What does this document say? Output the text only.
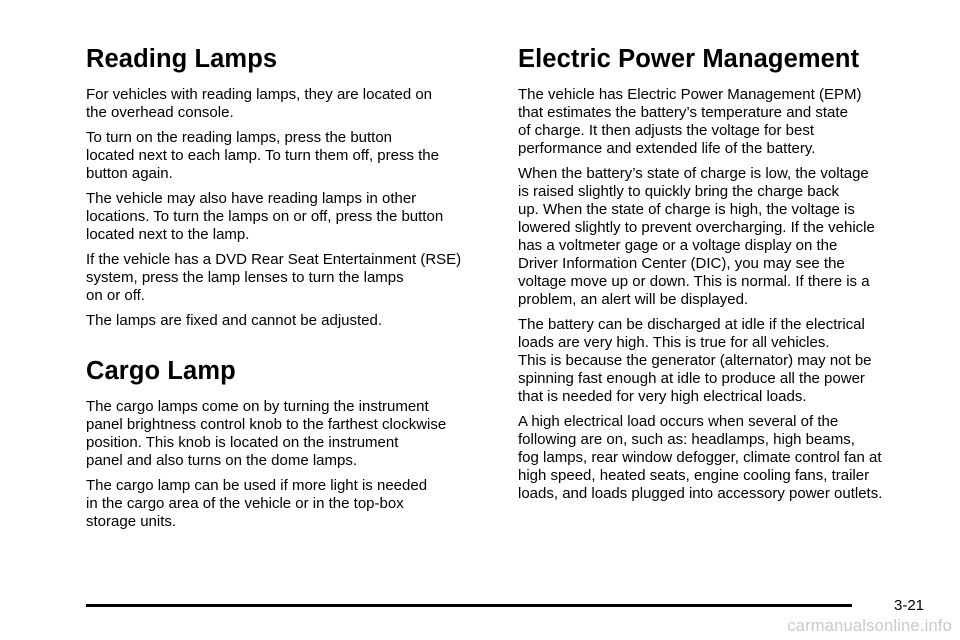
Reading Lamps

For vehicles with reading lamps, they are located on
the overhead console.

To turn on the reading lamps, press the button
located next to each lamp. To turn them off, press the
button again.

The vehicle may also have reading lamps in other
locations. To turn the lamps on or off, press the button
located next to the lamp.

If the vehicle has a DVD Rear Seat Entertainment (RSE)
system, press the lamp lenses to turn the lamps
on or off.

The lamps are fixed and cannot be adjusted.

Cargo Lamp

The cargo lamps come on by turning the instrument
panel brightness control knob to the farthest clockwise
position. This knob is located on the instrument
panel and also turns on the dome lamps.

The cargo lamp can be used if more light is needed
in the cargo area of the vehicle or in the top-box
storage units.

Electric Power Management

The vehicle has Electric Power Management (EPM)
that estimates the battery’s temperature and state
of charge. It then adjusts the voltage for best
performance and extended life of the battery.

When the battery’s state of charge is low, the voltage
is raised slightly to quickly bring the charge back
up. When the state of charge is high, the voltage is
lowered slightly to prevent overcharging. If the vehicle
has a voltmeter gage or a voltage display on the
Driver Information Center (DIC), you may see the
voltage move up or down. This is normal. If there is a
problem, an alert will be displayed.

The battery can be discharged at idle if the electrical
loads are very high. This is true for all vehicles.
This is because the generator (alternator) may not be
spinning fast enough at idle to produce all the power
that is needed for very high electrical loads.

A high electrical load occurs when several of the
following are on, such as: headlamps, high beams,
fog lamps, rear window defogger, climate control fan at
high speed, heated seats, engine cooling fans, trailer
loads, and loads plugged into accessory power outlets.

3-21
carmanualsonline.info
